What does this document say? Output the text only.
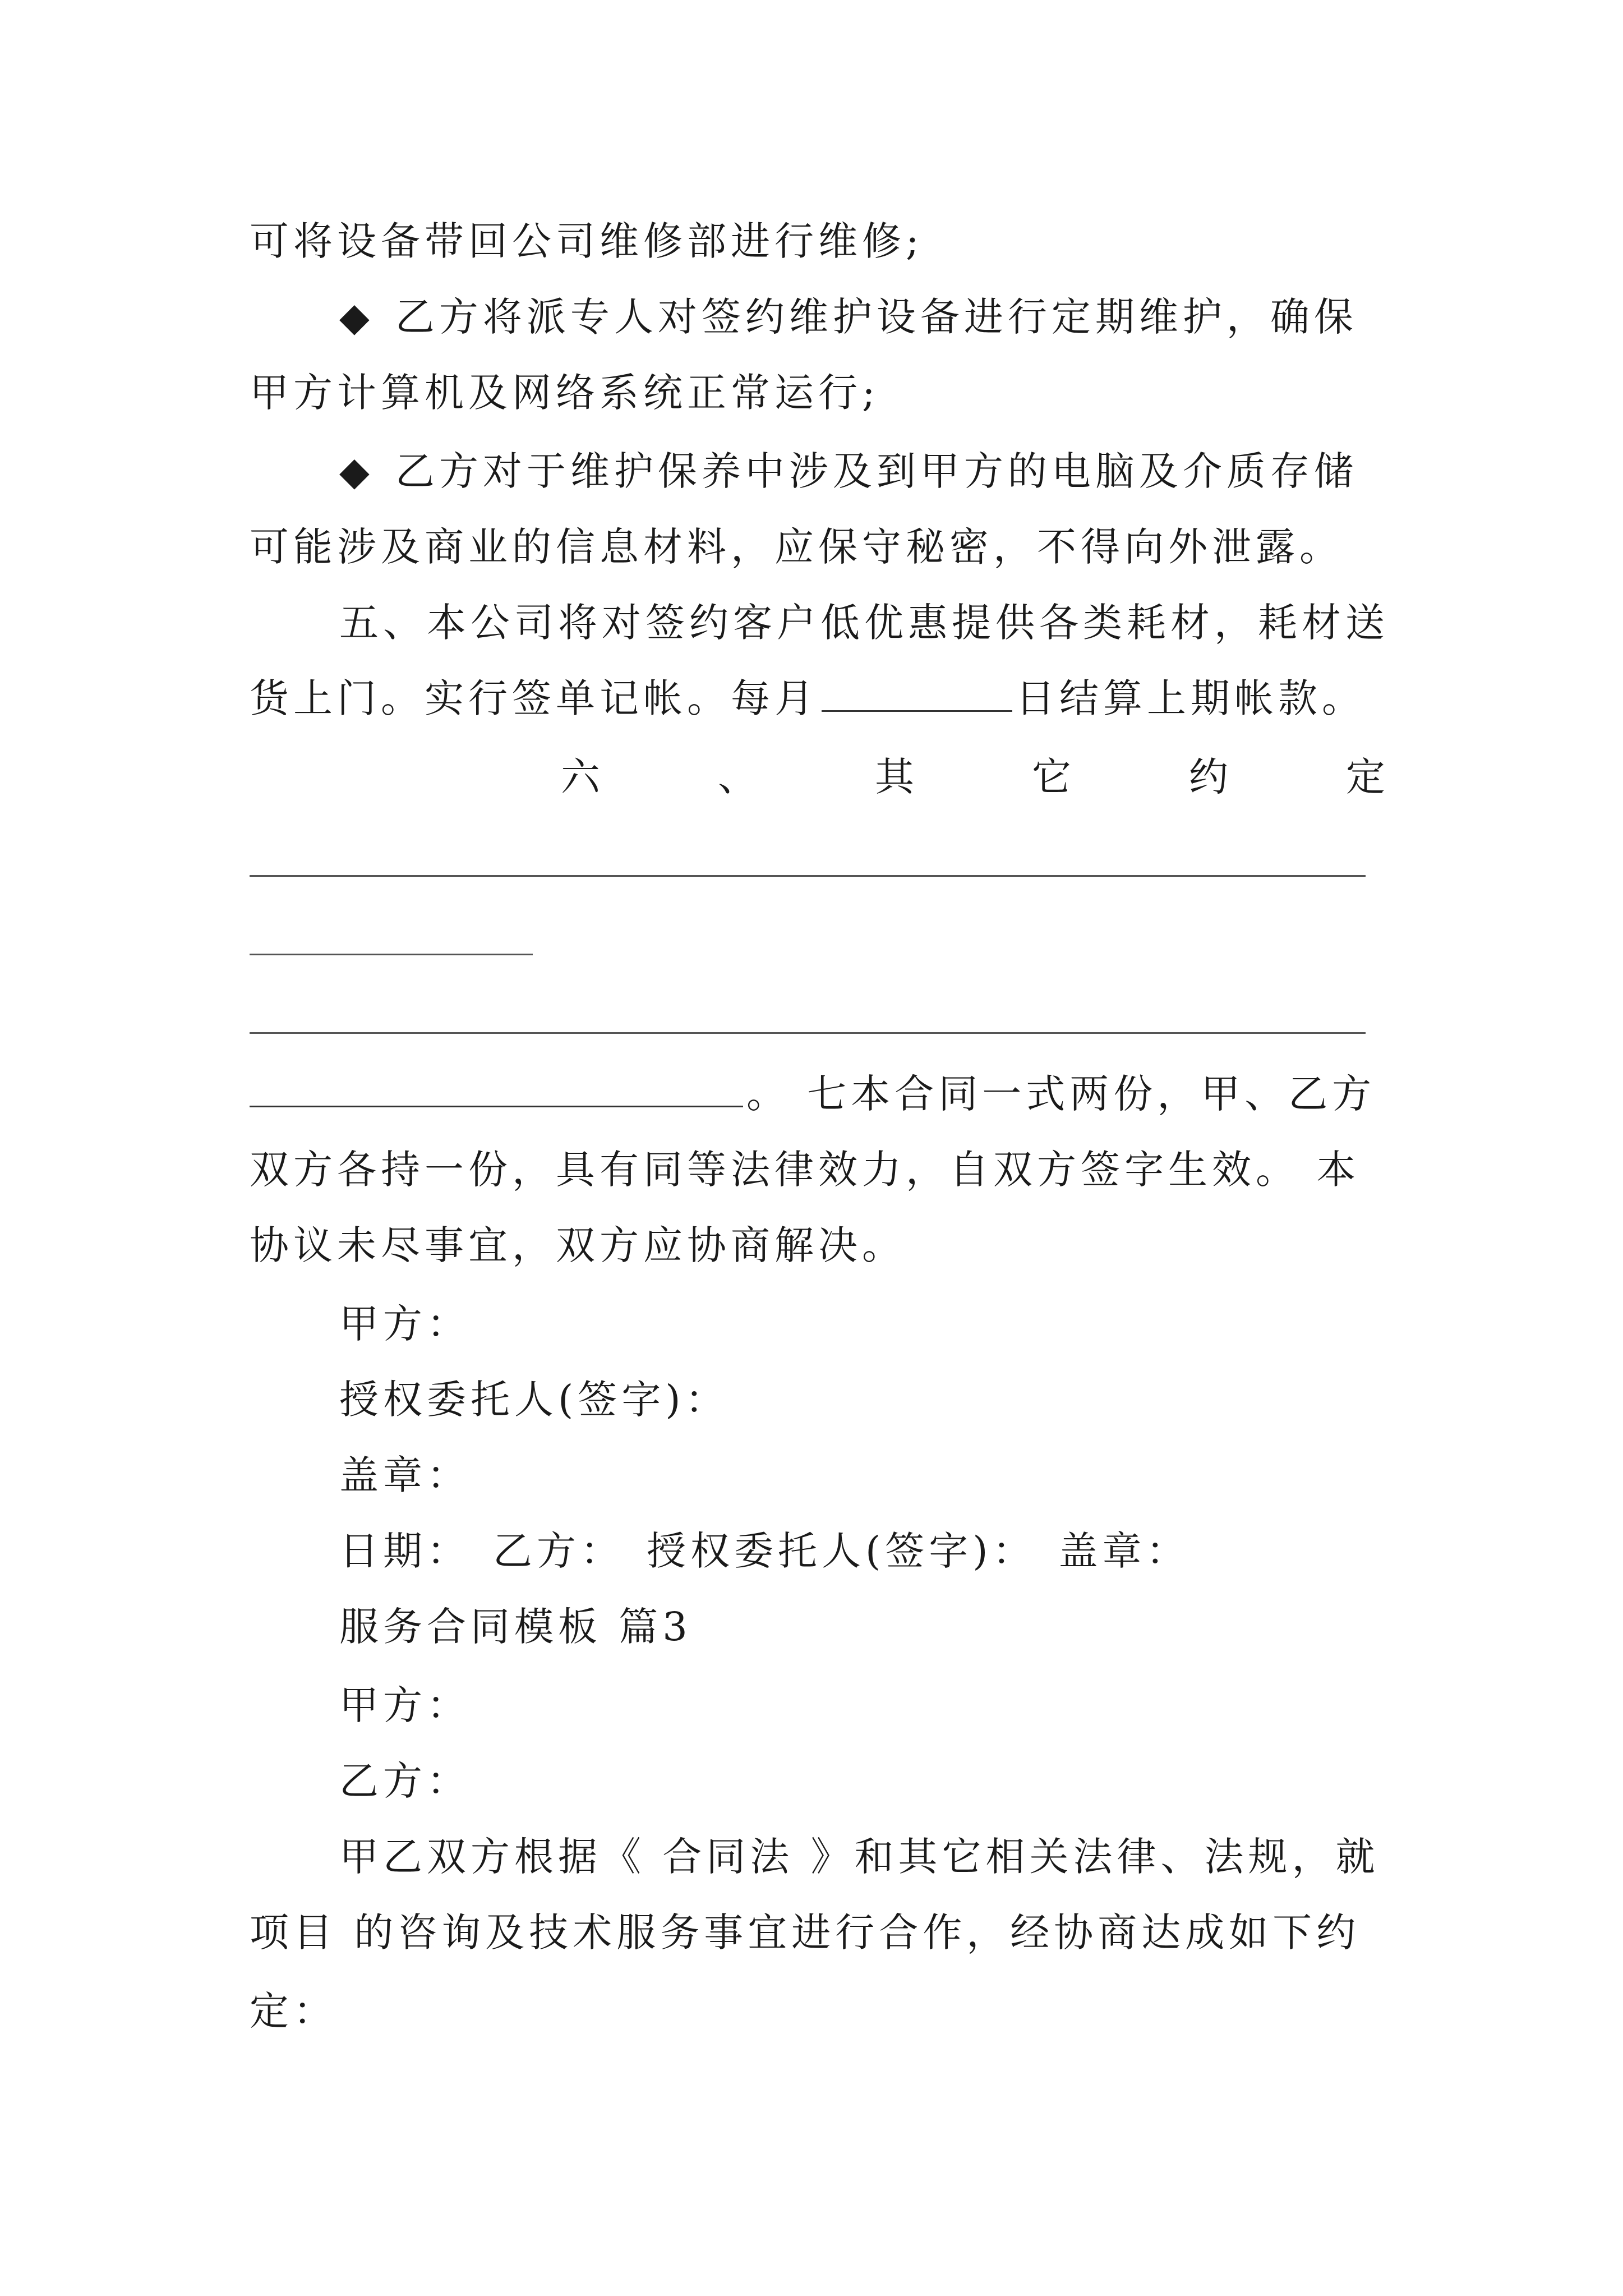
可将设备带回公司维修部进行维修;
◆ 乙方将派专人对签约维护设备进行定期维护，确保
甲方计算机及网络系统正常运行;
◆ 乙方对于维护保养中涉及到甲方的电脑及介质存储
可能涉及商业的信息材料，应保守秘密，不得向外泄露。
五、本公司将对签约客户低优惠提供各类耗材，耗材送
货上门。实行签单记帐。每月	日结算上期帐款。
六	、	其	它	约	定
。 七本合同一式两份，甲、乙方
双方各持一份，具有同等法律效力，自双方签字生效。 本
协议未尽事宜，双方应协商解决。
甲方：
授权委托人(签字)：
盖章：
日期： 乙方： 授权委托人(签字)： 盖章：
服务合同模板 篇3
甲方：
乙方：
甲乙双方根据《 合同法 》和其它相关法律、法规，就
项目 的咨询及技术服务事宜进行合作，经协商达成如下约
定：
